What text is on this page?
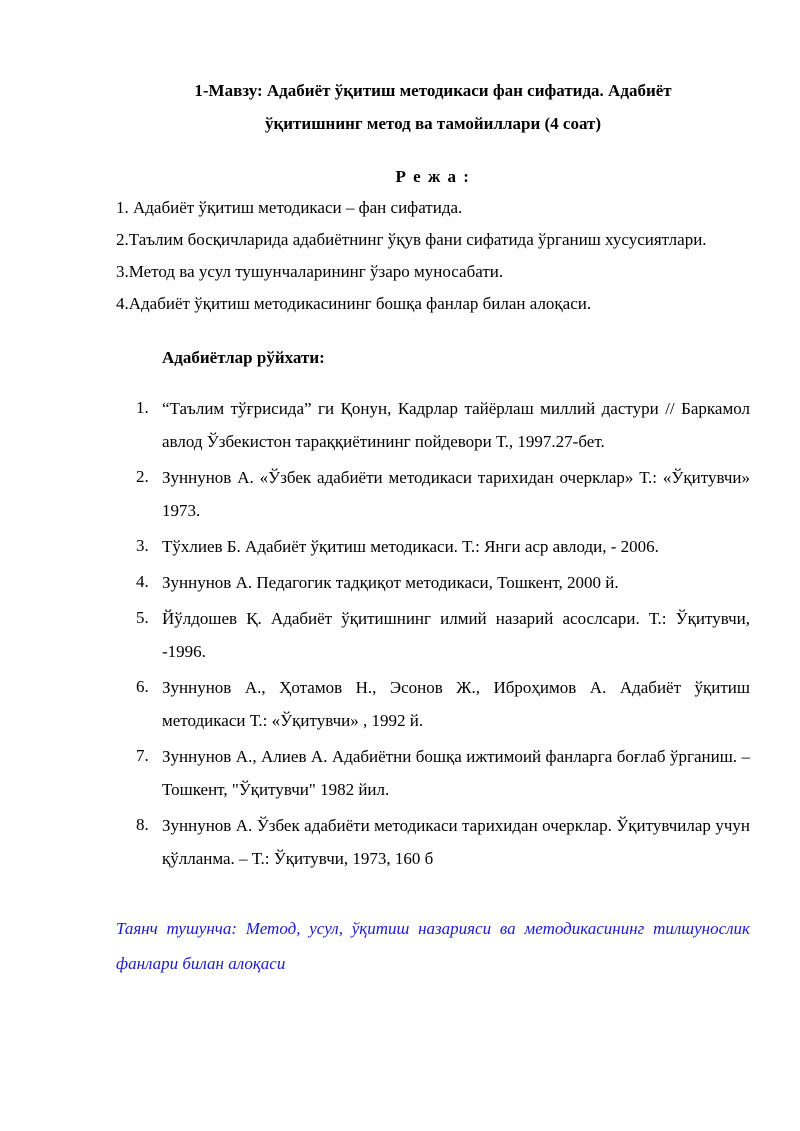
1-Мавзу: Адабиёт ўқитиш методикаси фан сифатида. Адабиёт

ўқитишнинг метод ва тамойиллари (4 соат)

Р е ж а :

1. Адабиёт ўқитиш методикаси – фан сифатида.

2.Таълим босқичларида адабиётнинг ўқув фани сифатида ўрганиш хусусиятлари.

3.Метод ва усул тушунчаларининг ўзаро муносабати.

4.Адабиёт ўқитиш методикасининг бошқа фанлар билан алоқаси.

Адабиётлар рўйхати:
1. “Таълим тўғрисида” ги Қонун, Кадрлар тайёрлаш миллий дастури // Баркамол авлод Ўзбекистон тараққиётининг пойдевори Т., 1997.27-бет.
2. Зуннунов А. «Ўзбек адабиёти методикаси тарихидан очерклар» Т.: «Ўқитувчи» 1973.
3. Тўхлиев Б. Адабиёт ўқитиш методикаси. Т.: Янги аср авлоди, - 2006.
4. Зуннунов А. Педагогик тадқиқот методикаси, Тошкент, 2000 й.
5. Йўлдошев Қ. Адабиёт ўқитишнинг илмий назарий асослсари. Т.: Ўқитувчи, -1996.
6. Зуннунов А., Ҳотамов Н., Эсонов Ж., Иброҳимов А. Адабиёт ўқитиш методикаси Т.: «Ўқитувчи» , 1992 й.
7. Зуннунов А., Алиев А. Адабиётни бошқа ижтимоий фанларга боғлаб ўрганиш. –Тошкент, "Ўқитувчи" 1982 йил.
8. Зуннунов А. Ўзбек адабиёти методикаси тарихидан очерклар. Ўқитувчилар учун қўлланма. – Т.: Ўқитувчи, 1973, 160 б
Таянч тушунча: Метод, усул, ўқитиш назарияси ва методикасининг тилшунослик фанлари билан алоқаси
